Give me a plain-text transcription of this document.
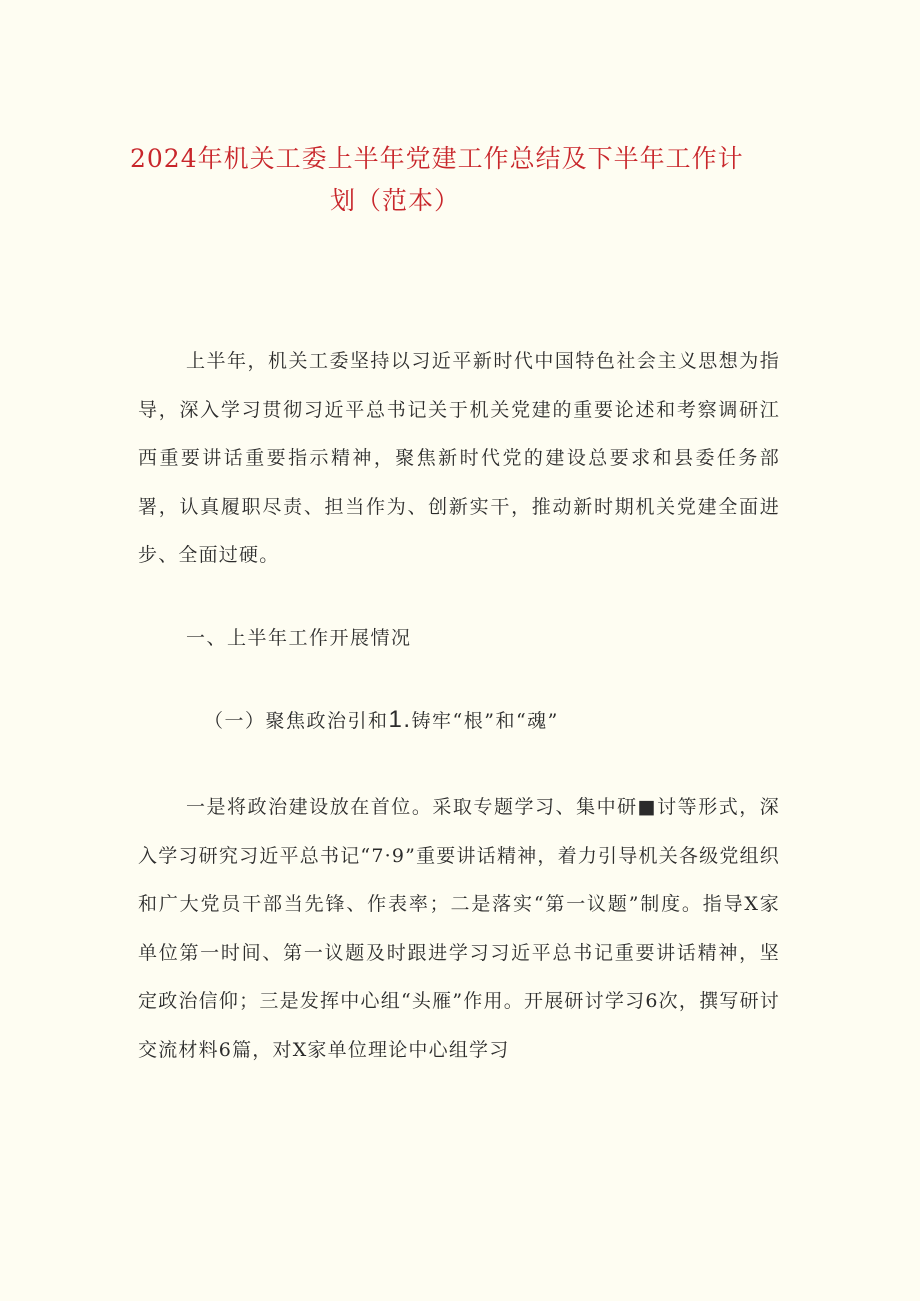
2024年机关工委上半年党建工作总结及下半年工作计
划（范本）

上半年，机关工委坚持以习近平新时代中国特色社会主义思想为指导，深入学习贯彻习近平总书记关于机关党建的重要论述和考察调研江西重要讲话重要指示精神，聚焦新时代党的建设总要求和县委任务部署，认真履职尽责、担当作为、创新实干，推动新时期机关党建全面进步、全面过硬。

一、上半年工作开展情况
（一）聚焦政治引和1.铸牢“根”和“魂”

一是将政治建设放在首位。采取专题学习、集中研■讨等形式，深入学习研究习近平总书记“7·9”重要讲话精神，着力引导机关各级党组织和广大党员干部当先锋、作表率；二是落实“第一议题”制度。指导X家单位第一时间、第一议题及时跟进学习习近平总书记重要讲话精神，坚定政治信仰；三是发挥中心组“头雁”作用。开展研讨学习6次，撰写研讨交流材料6篇，对X家单位理论中心组学习
